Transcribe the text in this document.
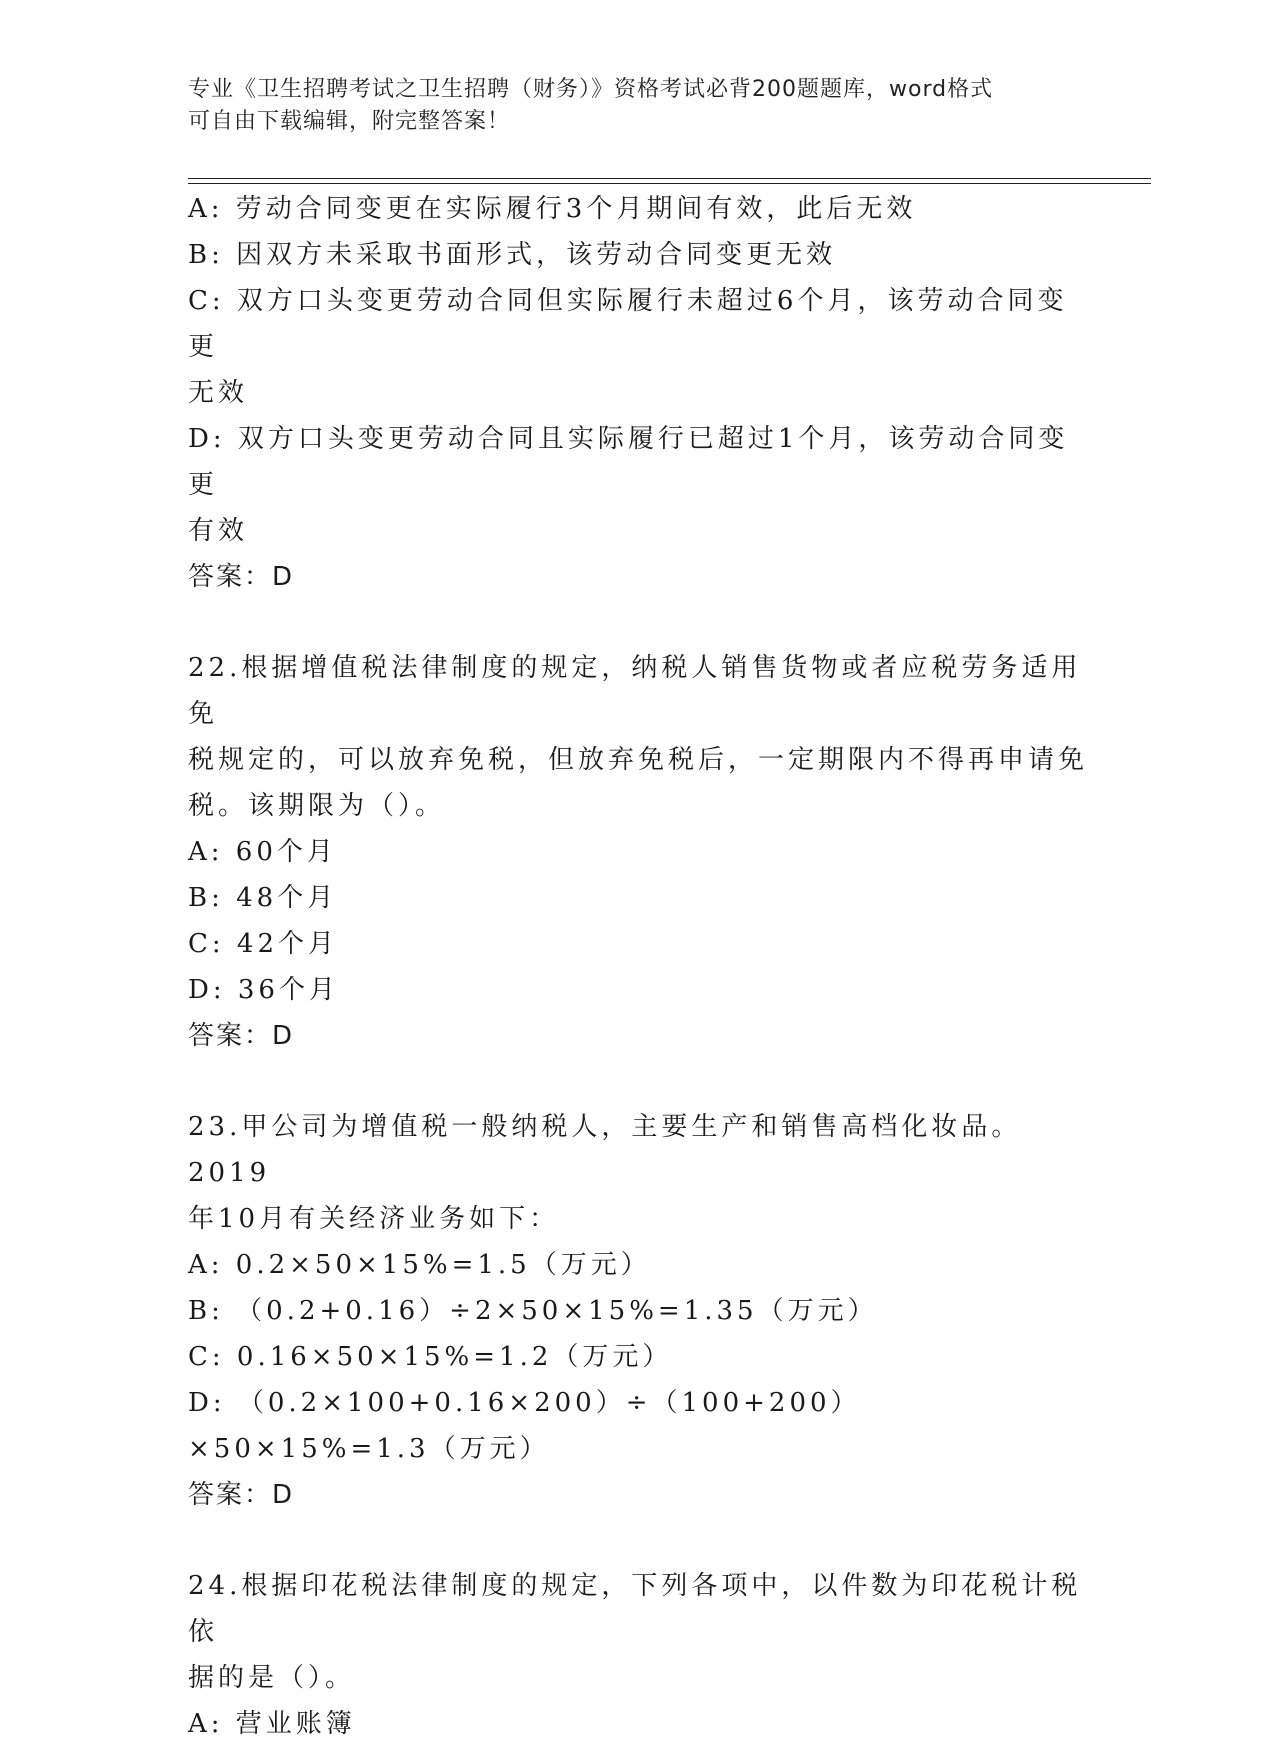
专业《卫生招聘考试之卫生招聘（财务）》资格考试必背200题题库，word格式
可自由下载编辑，附完整答案！
A: 劳动合同变更在实际履行3个月期间有效，此后无效
B: 因双方未采取书面形式，该劳动合同变更无效
C: 双方口头变更劳动合同但实际履行未超过6个月，该劳动合同变更
无效
D: 双方口头变更劳动合同且实际履行已超过1个月，该劳动合同变更
有效
答案：D
22.根据增值税法律制度的规定，纳税人销售货物或者应税劳务适用免
税规定的，可以放弃免税，但放弃免税后，一定期限内不得再申请免
税。该期限为（）。
A: 60个月
B: 48个月
C: 42个月
D: 36个月
答案：D
23.甲公司为增值税一般纳税人，主要生产和销售高档化妆品。2019
年10月有关经济业务如下：
A: 0.2×50×15%=1.5（万元）
B: （0.2+0.16）÷2×50×15%=1.35（万元）
C: 0.16×50×15%=1.2（万元）
D: （0.2×100+0.16×200）÷（100+200）×50×15%=1.3（万元）
答案：D
24.根据印花税法律制度的规定，下列各项中，以件数为印花税计税依
据的是（）。
A: 营业账簿
